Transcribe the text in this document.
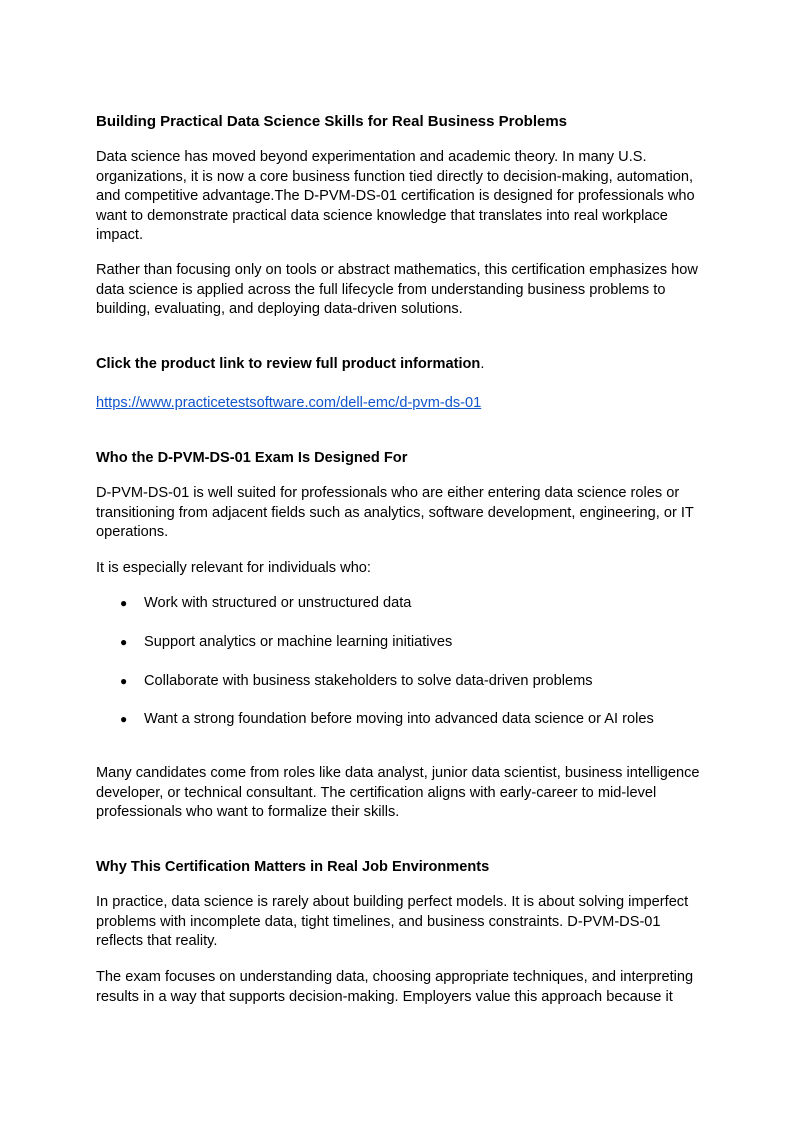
Building Practical Data Science Skills for Real Business Problems

Data science has moved beyond experimentation and academic theory. In many U.S. organizations, it is now a core business function tied directly to decision-making, automation, and competitive advantage.The D-PVM-DS-01 certification is designed for professionals who want to demonstrate practical data science knowledge that translates into real workplace impact.

Rather than focusing only on tools or abstract mathematics, this certification emphasizes how data science is applied across the full lifecycle from understanding business problems to building, evaluating, and deploying data-driven solutions.

Click the product link to review full product information.
https://www.practicetestsoftware.com/dell-emc/d-pvm-ds-01
Who the D-PVM-DS-01 Exam Is Designed For

D-PVM-DS-01 is well suited for professionals who are either entering data science roles or transitioning from adjacent fields such as analytics, software development, engineering, or IT operations.

It is especially relevant for individuals who:

● Work with structured or unstructured data
● Support analytics or machine learning initiatives
● Collaborate with business stakeholders to solve data-driven problems
● Want a strong foundation before moving into advanced data science or AI roles

Many candidates come from roles like data analyst, junior data scientist, business intelligence developer, or technical consultant. The certification aligns with early-career to mid-level professionals who want to formalize their skills.

Why This Certification Matters in Real Job Environments

In practice, data science is rarely about building perfect models. It is about solving imperfect problems with incomplete data, tight timelines, and business constraints. D-PVM-DS-01 reflects that reality.

The exam focuses on understanding data, choosing appropriate techniques, and interpreting results in a way that supports decision-making. Employers value this approach because it
